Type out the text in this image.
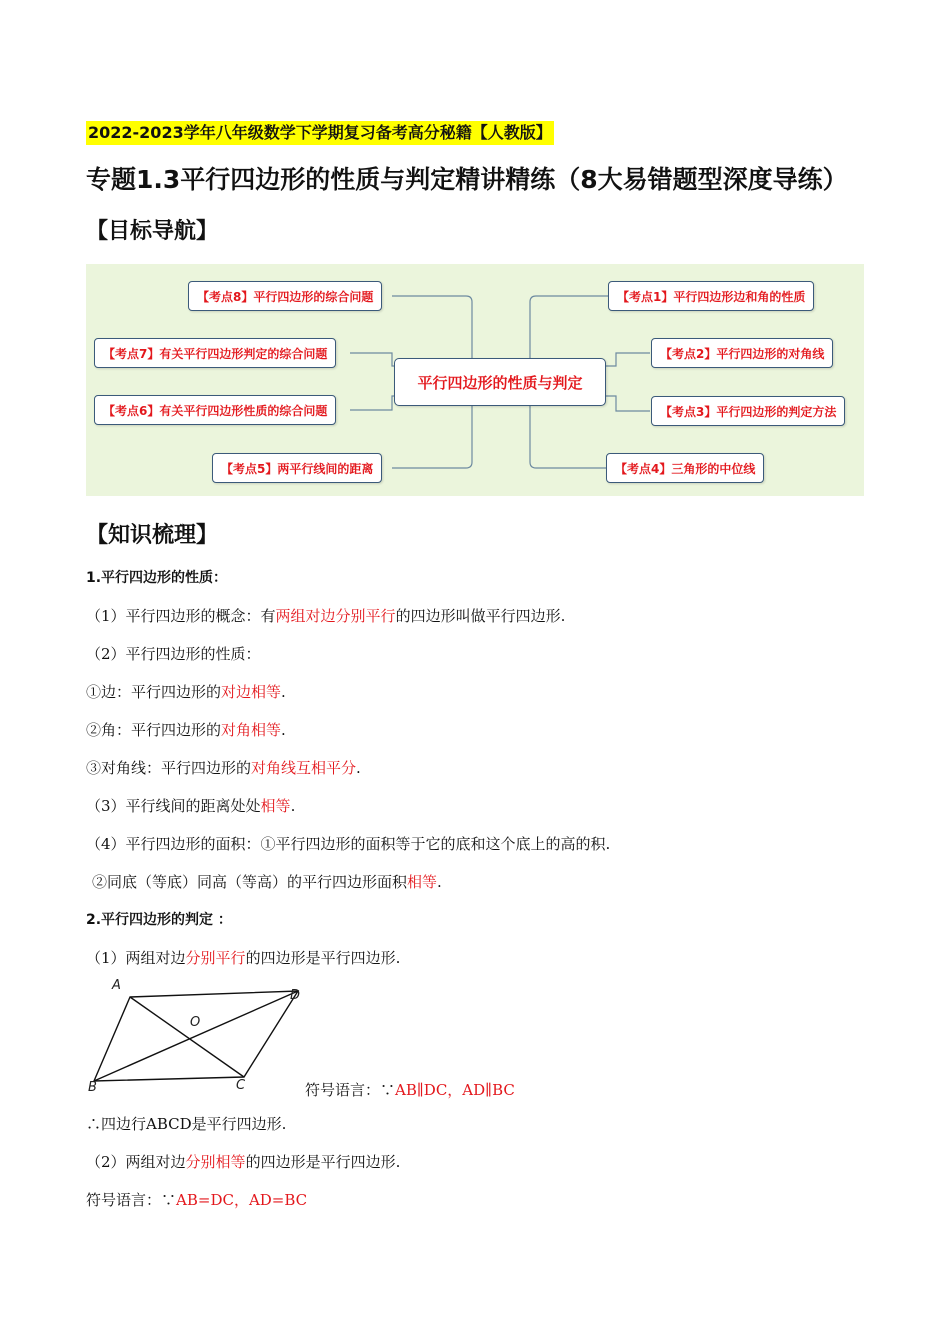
2022-2023学年八年级数学下学期复习备考高分秘籍【人教版】
专题1.3平行四边形的性质与判定精讲精练（8大易错题型深度导练）
【目标导航】
【考点8】平行四边形的综合问题
【考点7】有关平行四边形判定的综合问题
【考点6】有关平行四边形性质的综合问题
【考点5】两平行线间的距离
平行四边形的性质与判定
【考点1】平行四边形边和角的性质
【考点2】平行四边形的对角线
【考点3】平行四边形的判定方法
【考点4】三角形的中位线
【知识梳理】
1.平行四边形的性质：
（1）平行四边形的概念：有两组对边分别平行的四边形叫做平行四边形.
（2）平行四边形的性质：
①边：平行四边形的对边相等.
②角：平行四边形的对角相等.
③对角线：平行四边形的对角线互相平分.
（3）平行线间的距离处处相等.
（4）平行四边形的面积：①平行四边形的面积等于它的底和这个底上的高的积.
②同底（等底）同高（等高）的平行四边形面积相等.
2.平行四边形的判定 ：
（1）两组对边分别平行的四边形是平行四边形.
A
D
O
B	C	符号语言：∵AB∥DC，AD∥BC
∴四边行ABCD是平行四边形.
（2）两组对边分别相等的四边形是平行四边形.
符号语言：∵AB=DC，AD=BC
